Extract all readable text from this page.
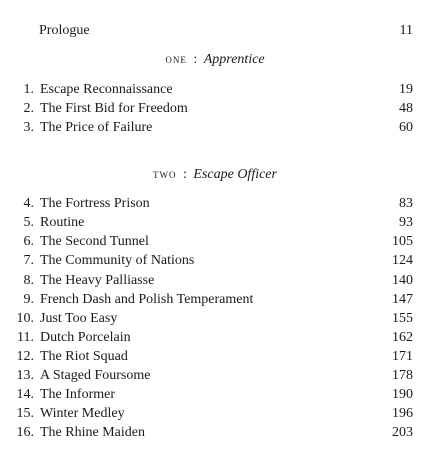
Prologue	11
one : Apprentice
1. Escape Reconnaissance	19
2. The First Bid for Freedom	48
3. The Price of Failure	60
two : Escape Officer
4. The Fortress Prison	83
5. Routine	93
6. The Second Tunnel	105
7. The Community of Nations	124
8. The Heavy Palliasse	140
9. French Dash and Polish Temperament	147
10. Just Too Easy	155
11. Dutch Porcelain	162
12. The Riot Squad	171
13. A Staged Foursome	178
14. The Informer	190
15. Winter Medley	196
16. The Rhine Maiden	203
